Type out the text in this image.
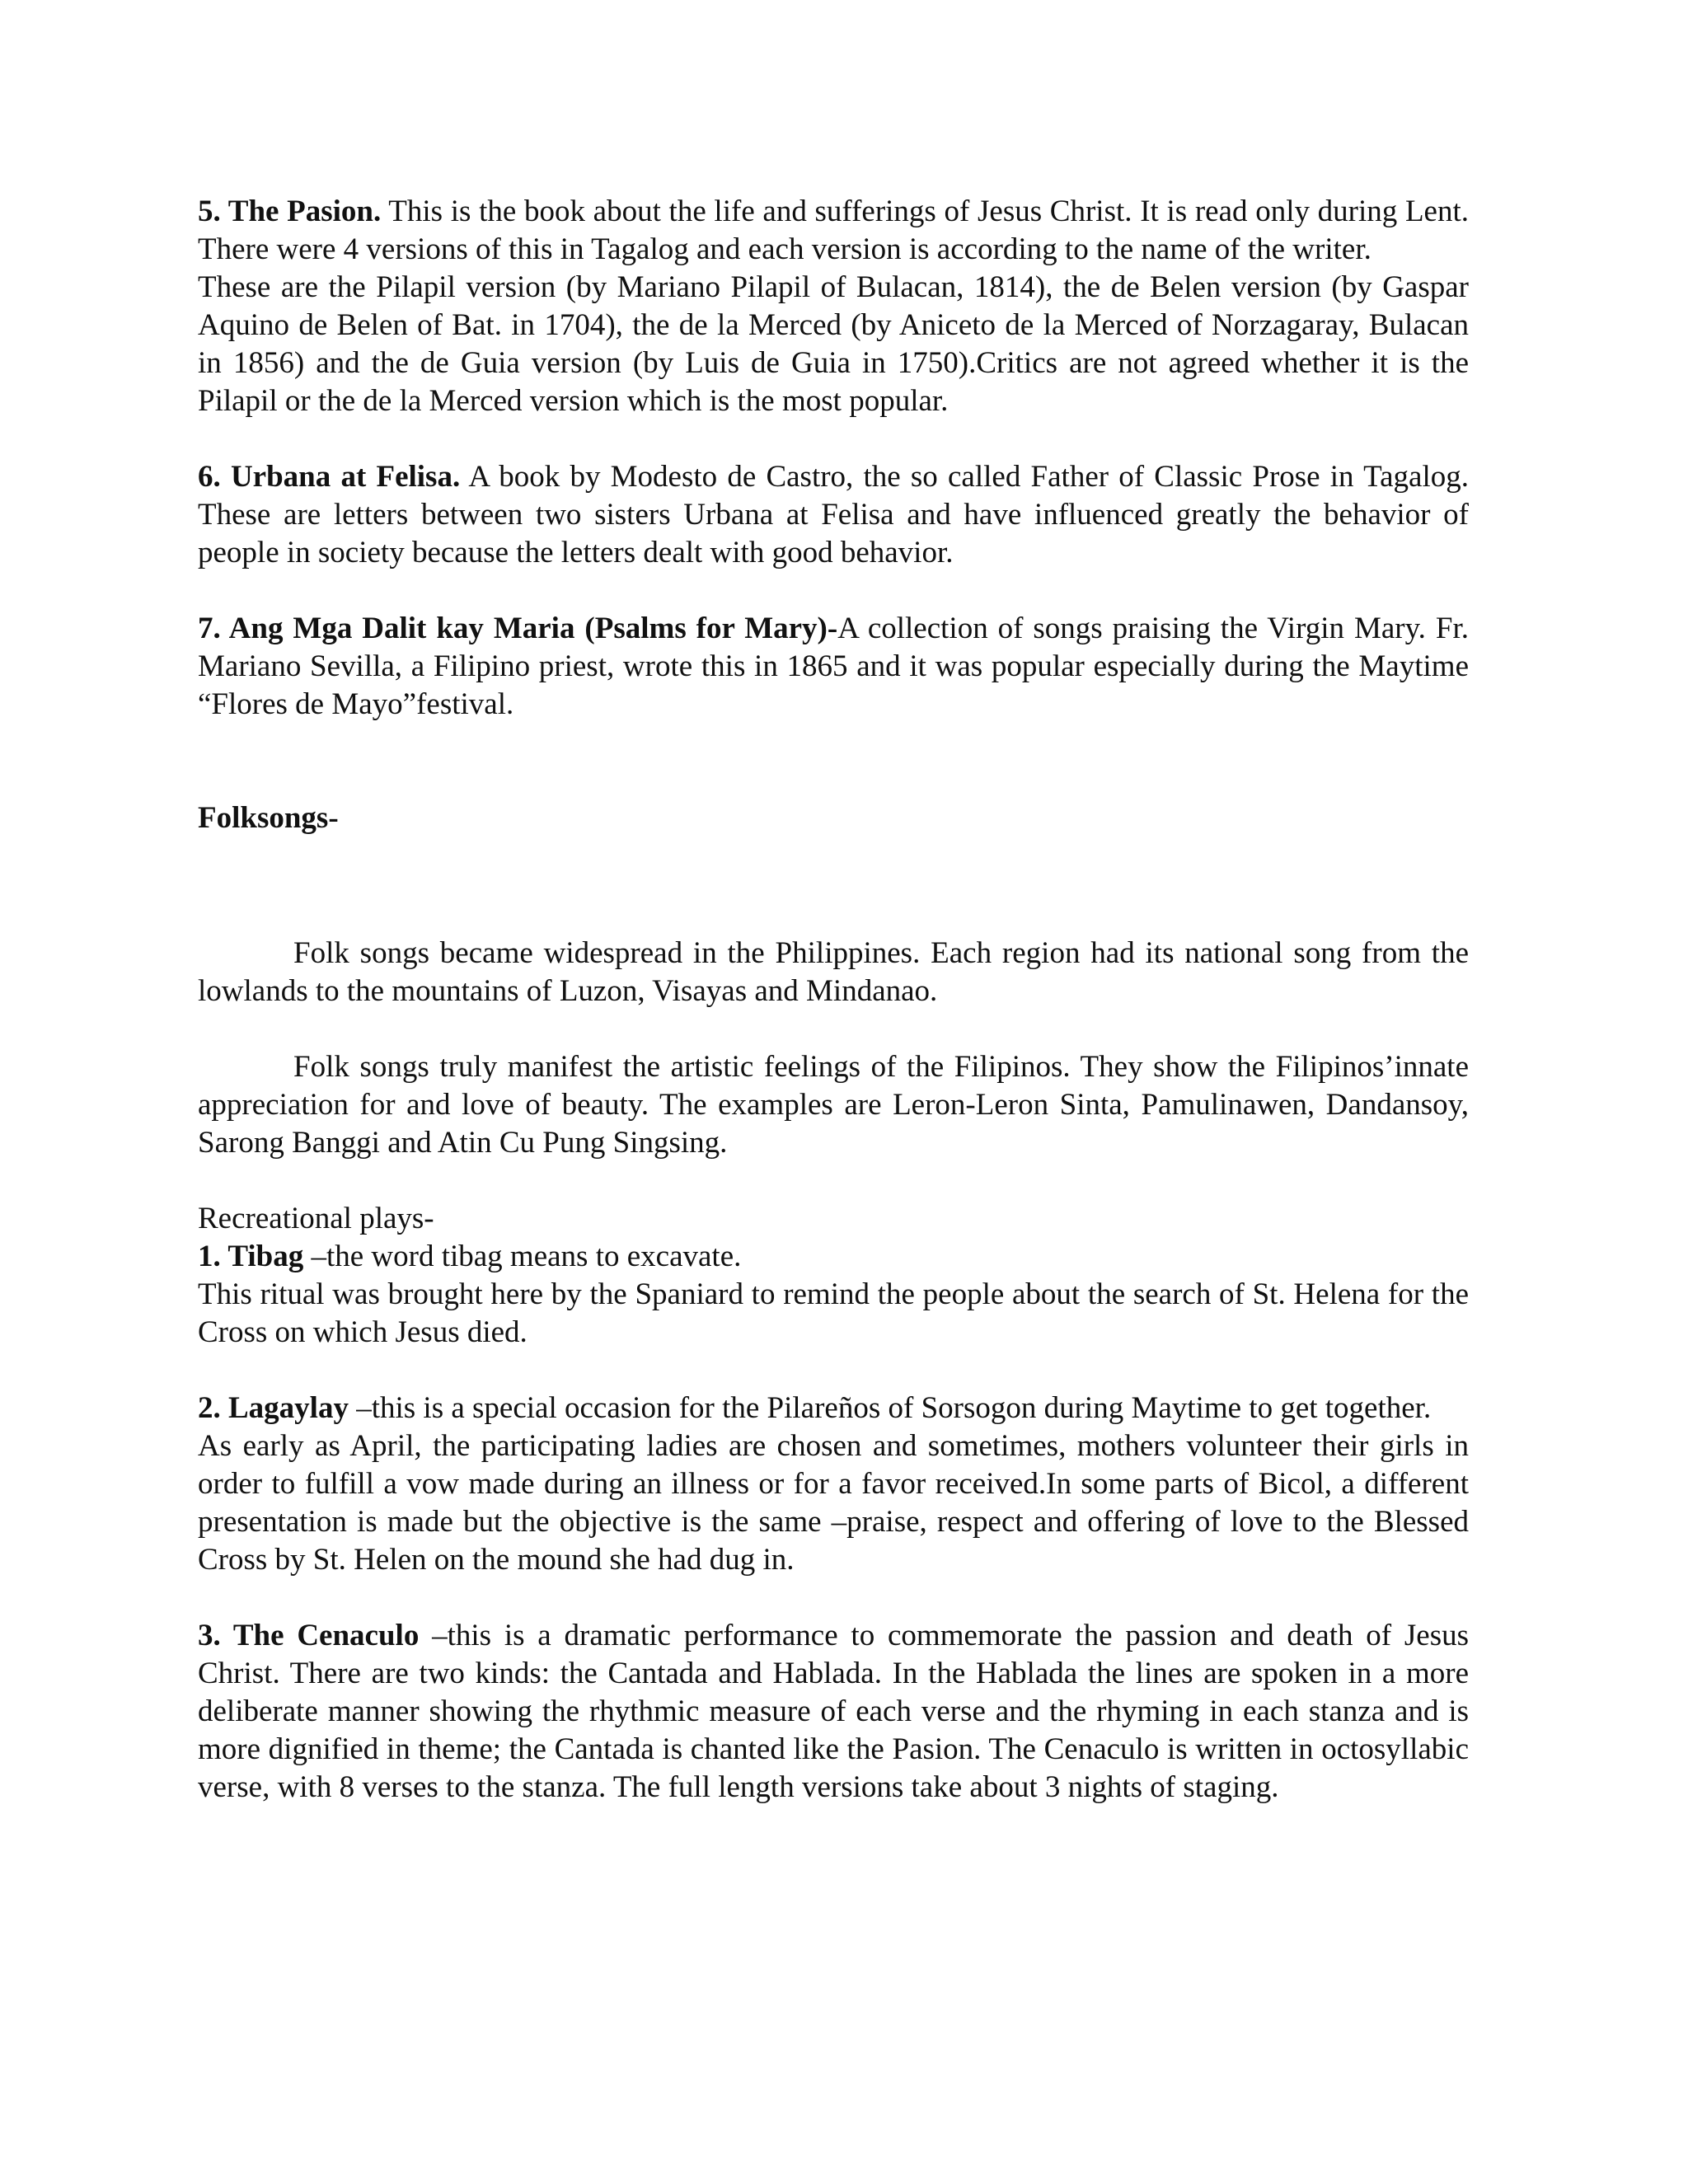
5. The Pasion. This is the book about the life and sufferings of Jesus Christ. It is read only during Lent. There were 4 versions of this in Tagalog and each version is according to the name of the writer.

These are the Pilapil version (by Mariano Pilapil of Bulacan, 1814), the de Belen version (by Gaspar Aquino de Belen of Bat. in 1704), the de la Merced (by Aniceto de la Merced of Norzagaray, Bulacan in 1856) and the de Guia version (by Luis de Guia in 1750).Critics are not agreed whether it is the Pilapil or the de la Merced version which is the most popular.

6. Urbana at Felisa. A book by Modesto de Castro, the so called Father of Classic Prose in Tagalog. These are letters between two sisters Urbana at Felisa and have influenced greatly the behavior of people in society because the letters dealt with good behavior.

7. Ang Mga Dalit kay Maria (Psalms for Mary)-A collection of songs praising the Virgin Mary. Fr. Mariano Sevilla, a Filipino priest, wrote this in 1865 and it was popular especially during the Maytime “Flores de Mayo”festival.

Folksongs-

Folk songs became widespread in the Philippines. Each region had its national song from the lowlands to the mountains of Luzon, Visayas and Mindanao.

Folk songs truly manifest the artistic feelings of the Filipinos. They show the Filipinos’innate appreciation for and love of beauty. The examples are Leron-Leron Sinta, Pamulinawen, Dandansoy, Sarong Banggi and Atin Cu Pung Singsing.

Recreational plays-

1. Tibag –the word tibag means to excavate.

This ritual was brought here by the Spaniard to remind the people about the search of St. Helena for the Cross on which Jesus died.

2. Lagaylay –this is a special occasion for the Pilareños of Sorsogon during Maytime to get together.

As early as April, the participating ladies are chosen and sometimes, mothers volunteer their girls in order to fulfill a vow made during an illness or for a favor received.In some parts of Bicol, a different presentation is made but the objective is the same –praise, respect and offering of love to the Blessed Cross by St. Helen on the mound she had dug in.

3. The Cenaculo –this is a dramatic performance to commemorate the passion and death of Jesus Christ. There are two kinds: the Cantada and Hablada. In the Hablada the lines are spoken in a more deliberate manner showing the rhythmic measure of each verse and the rhyming in each stanza and is more dignified in theme; the Cantada is chanted like the Pasion. The Cenaculo is written in octosyllabic verse, with 8 verses to the stanza. The full length versions take about 3 nights of staging.
